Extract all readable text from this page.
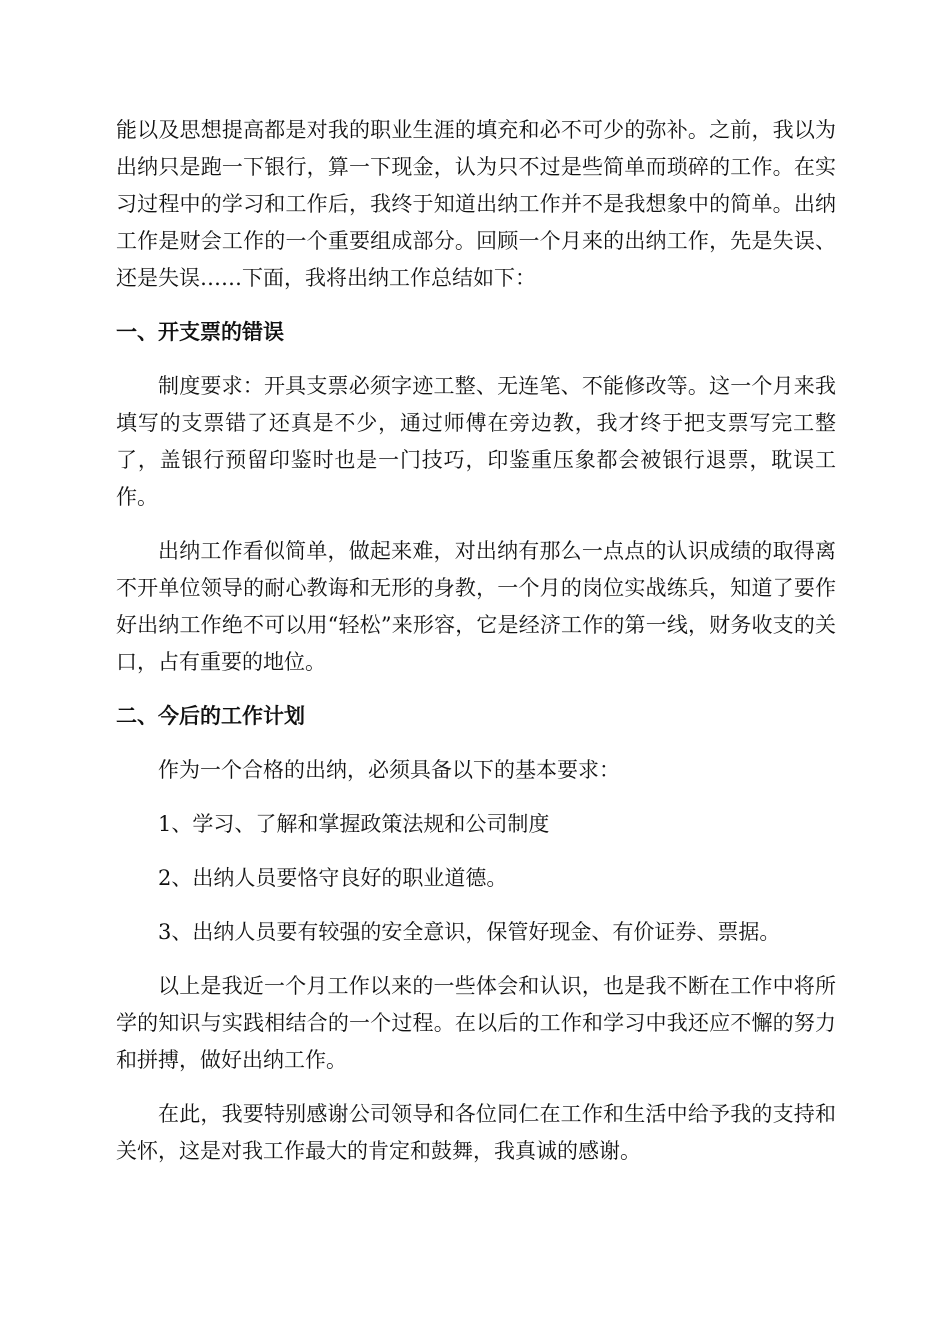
能以及思想提高都是对我的职业生涯的填充和必不可少的弥补。之前，我以为出纳只是跑一下银行，算一下现金，认为只不过是些简单而琐碎的工作。在实习过程中的学习和工作后，我终于知道出纳工作并不是我想象中的简单。出纳工作是财会工作的一个重要组成部分。回顾一个月来的出纳工作，先是失误、还是失误……下面，我将出纳工作总结如下：

一、开支票的错误

制度要求：开具支票必须字迹工整、无连笔、不能修改等。这一个月来我填写的支票错了还真是不少，通过师傅在旁边教，我才终于把支票写完工整了，盖银行预留印鉴时也是一门技巧，印鉴重压象都会被银行退票，耽误工作。

出纳工作看似简单，做起来难，对出纳有那么一点点的认识成绩的取得离不开单位领导的耐心教诲和无形的身教，一个月的岗位实战练兵，知道了要作好出纳工作绝不可以用“轻松”来形容，它是经济工作的第一线，财务收支的关口，占有重要的地位。

二、今后的工作计划

作为一个合格的出纳，必须具备以下的基本要求：

1、学习、了解和掌握政策法规和公司制度

2、出纳人员要恪守良好的职业道德。

3、出纳人员要有较强的安全意识，保管好现金、有价证券、票据。

以上是我近一个月工作以来的一些体会和认识，也是我不断在工作中将所学的知识与实践相结合的一个过程。在以后的工作和学习中我还应不懈的努力和拼搏，做好出纳工作。

在此，我要特别感谢公司领导和各位同仁在工作和生活中给予我的支持和关怀，这是对我工作最大的肯定和鼓舞，我真诚的感谢。
